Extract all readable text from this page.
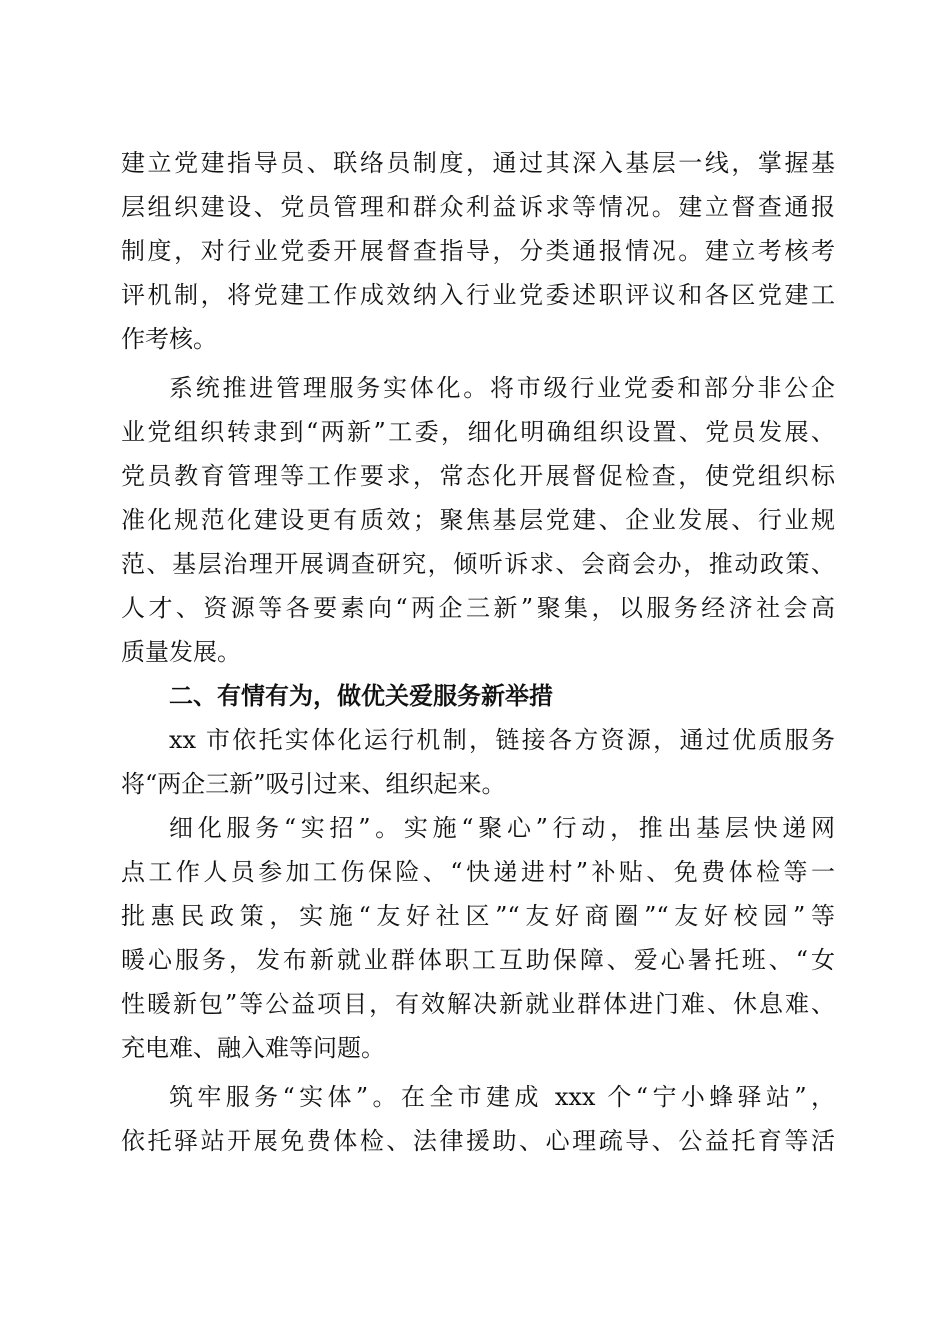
建立党建指导员、联络员制度，通过其深入基层一线，掌握基
层组织建设、党员管理和群众利益诉求等情况。建立督查通报
制度，对行业党委开展督查指导，分类通报情况。建立考核考
评机制，将党建工作成效纳入行业党委述职评议和各区党建工
作考核。
系统推进管理服务实体化。将市级行业党委和部分非公企
业党组织转隶到“两新”工委，细化明确组织设置、党员发展、
党员教育管理等工作要求，常态化开展督促检查，使党组织标
准化规范化建设更有质效；聚焦基层党建、企业发展、行业规
范、基层治理开展调查研究，倾听诉求、会商会办，推动政策、
人才、资源等各要素向“两企三新”聚集，以服务经济社会高
质量发展。
二、有情有为，做优关爱服务新举措
xx 市依托实体化运行机制，链接各方资源，通过优质服务
将“两企三新”吸引过来、组织起来。
细化服务“实招”。实施“聚心”行动，推出基层快递网
点工作人员参加工伤保险、“快递进村”补贴、免费体检等一
批惠民政策，实施“友好社区”“友好商圈”“友好校园”等
暖心服务，发布新就业群体职工互助保障、爱心暑托班、“女
性暖新包”等公益项目，有效解决新就业群体进门难、休息难、
充电难、融入难等问题。
筑牢服务“实体”。在全市建成 xxx 个“宁小蜂驿站”，
依托驿站开展免费体检、法律援助、心理疏导、公益托育等活
